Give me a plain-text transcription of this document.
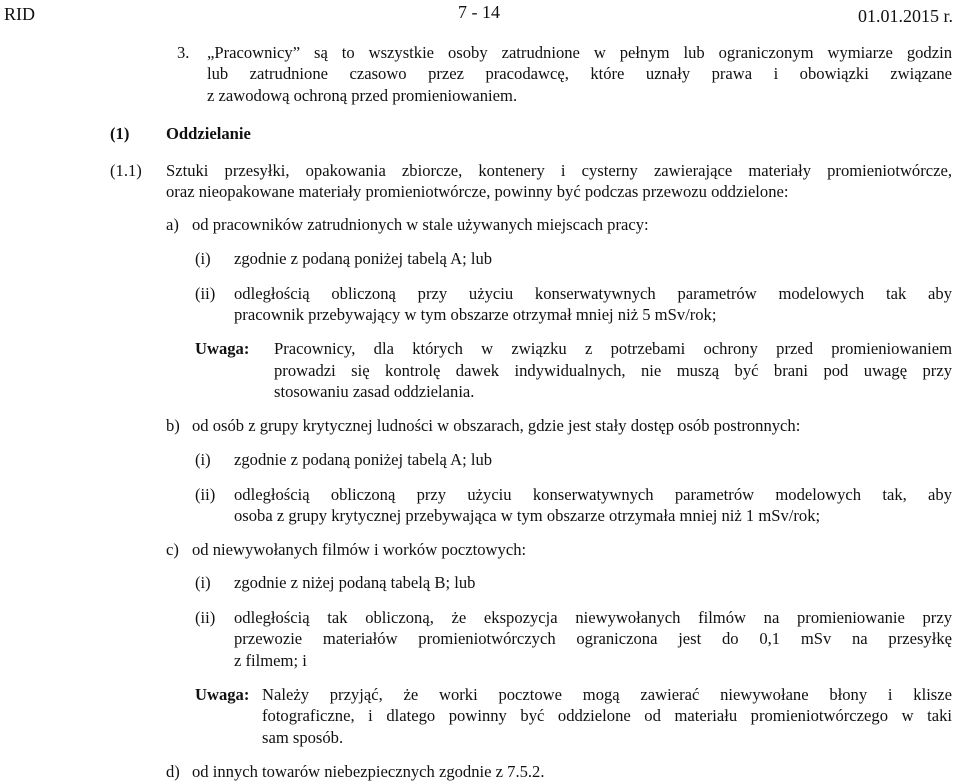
RID	7 - 14	01.01.2015 r.
3. „Pracownicy” są to wszystkie osoby zatrudnione w pełnym lub ograniczonym wymiarze godzin
lub zatrudnione czasowo przez pracodawcę, które uznały prawa i obowiązki związane
z zawodową ochroną przed promieniowaniem.
(1) Oddzielanie
(1.1) Sztuki przesyłki, opakowania zbiorcze, kontenery i cysterny zawierające materiały promieniotwórcze,
oraz nieopakowane materiały promieniotwórcze, powinny być podczas przewozu oddzielone:
a) od pracowników zatrudnionych w stale używanych miejscach pracy:
(i) zgodnie z podaną poniżej tabelą A; lub
(ii) odległością obliczoną przy użyciu konserwatywnych parametrów modelowych tak aby
pracownik przebywający w tym obszarze otrzymał mniej niż 5 mSv/rok;
Uwaga: Pracownicy, dla których w związku z potrzebami ochrony przed promieniowaniem
prowadzi się kontrolę dawek indywidualnych, nie muszą być brani pod uwagę przy
stosowaniu zasad oddzielania.
b) od osób z grupy krytycznej ludności w obszarach, gdzie jest stały dostęp osób postronnych:
(i) zgodnie z podaną poniżej tabelą A; lub
(ii) odległością obliczoną przy użyciu konserwatywnych parametrów modelowych tak, aby
osoba z grupy krytycznej przebywająca w tym obszarze otrzymała mniej niż 1 mSv/rok;
c) od niewywołanych filmów i worków pocztowych:
(i) zgodnie z niżej podaną tabelą B; lub
(ii) odległością tak obliczoną, że ekspozycja niewywołanych filmów na promieniowanie przy
przewozie materiałów promieniotwórczych ograniczona jest do 0,1 mSv na przesyłkę
z filmem; i
Uwaga: Należy przyjąć, że worki pocztowe mogą zawierać niewywołane błony i klisze
fotograficzne, i dlatego powinny być oddzielone od materiału promieniotwórczego w taki
sam sposób.
d) od innych towarów niebezpiecznych zgodnie z 7.5.2.
